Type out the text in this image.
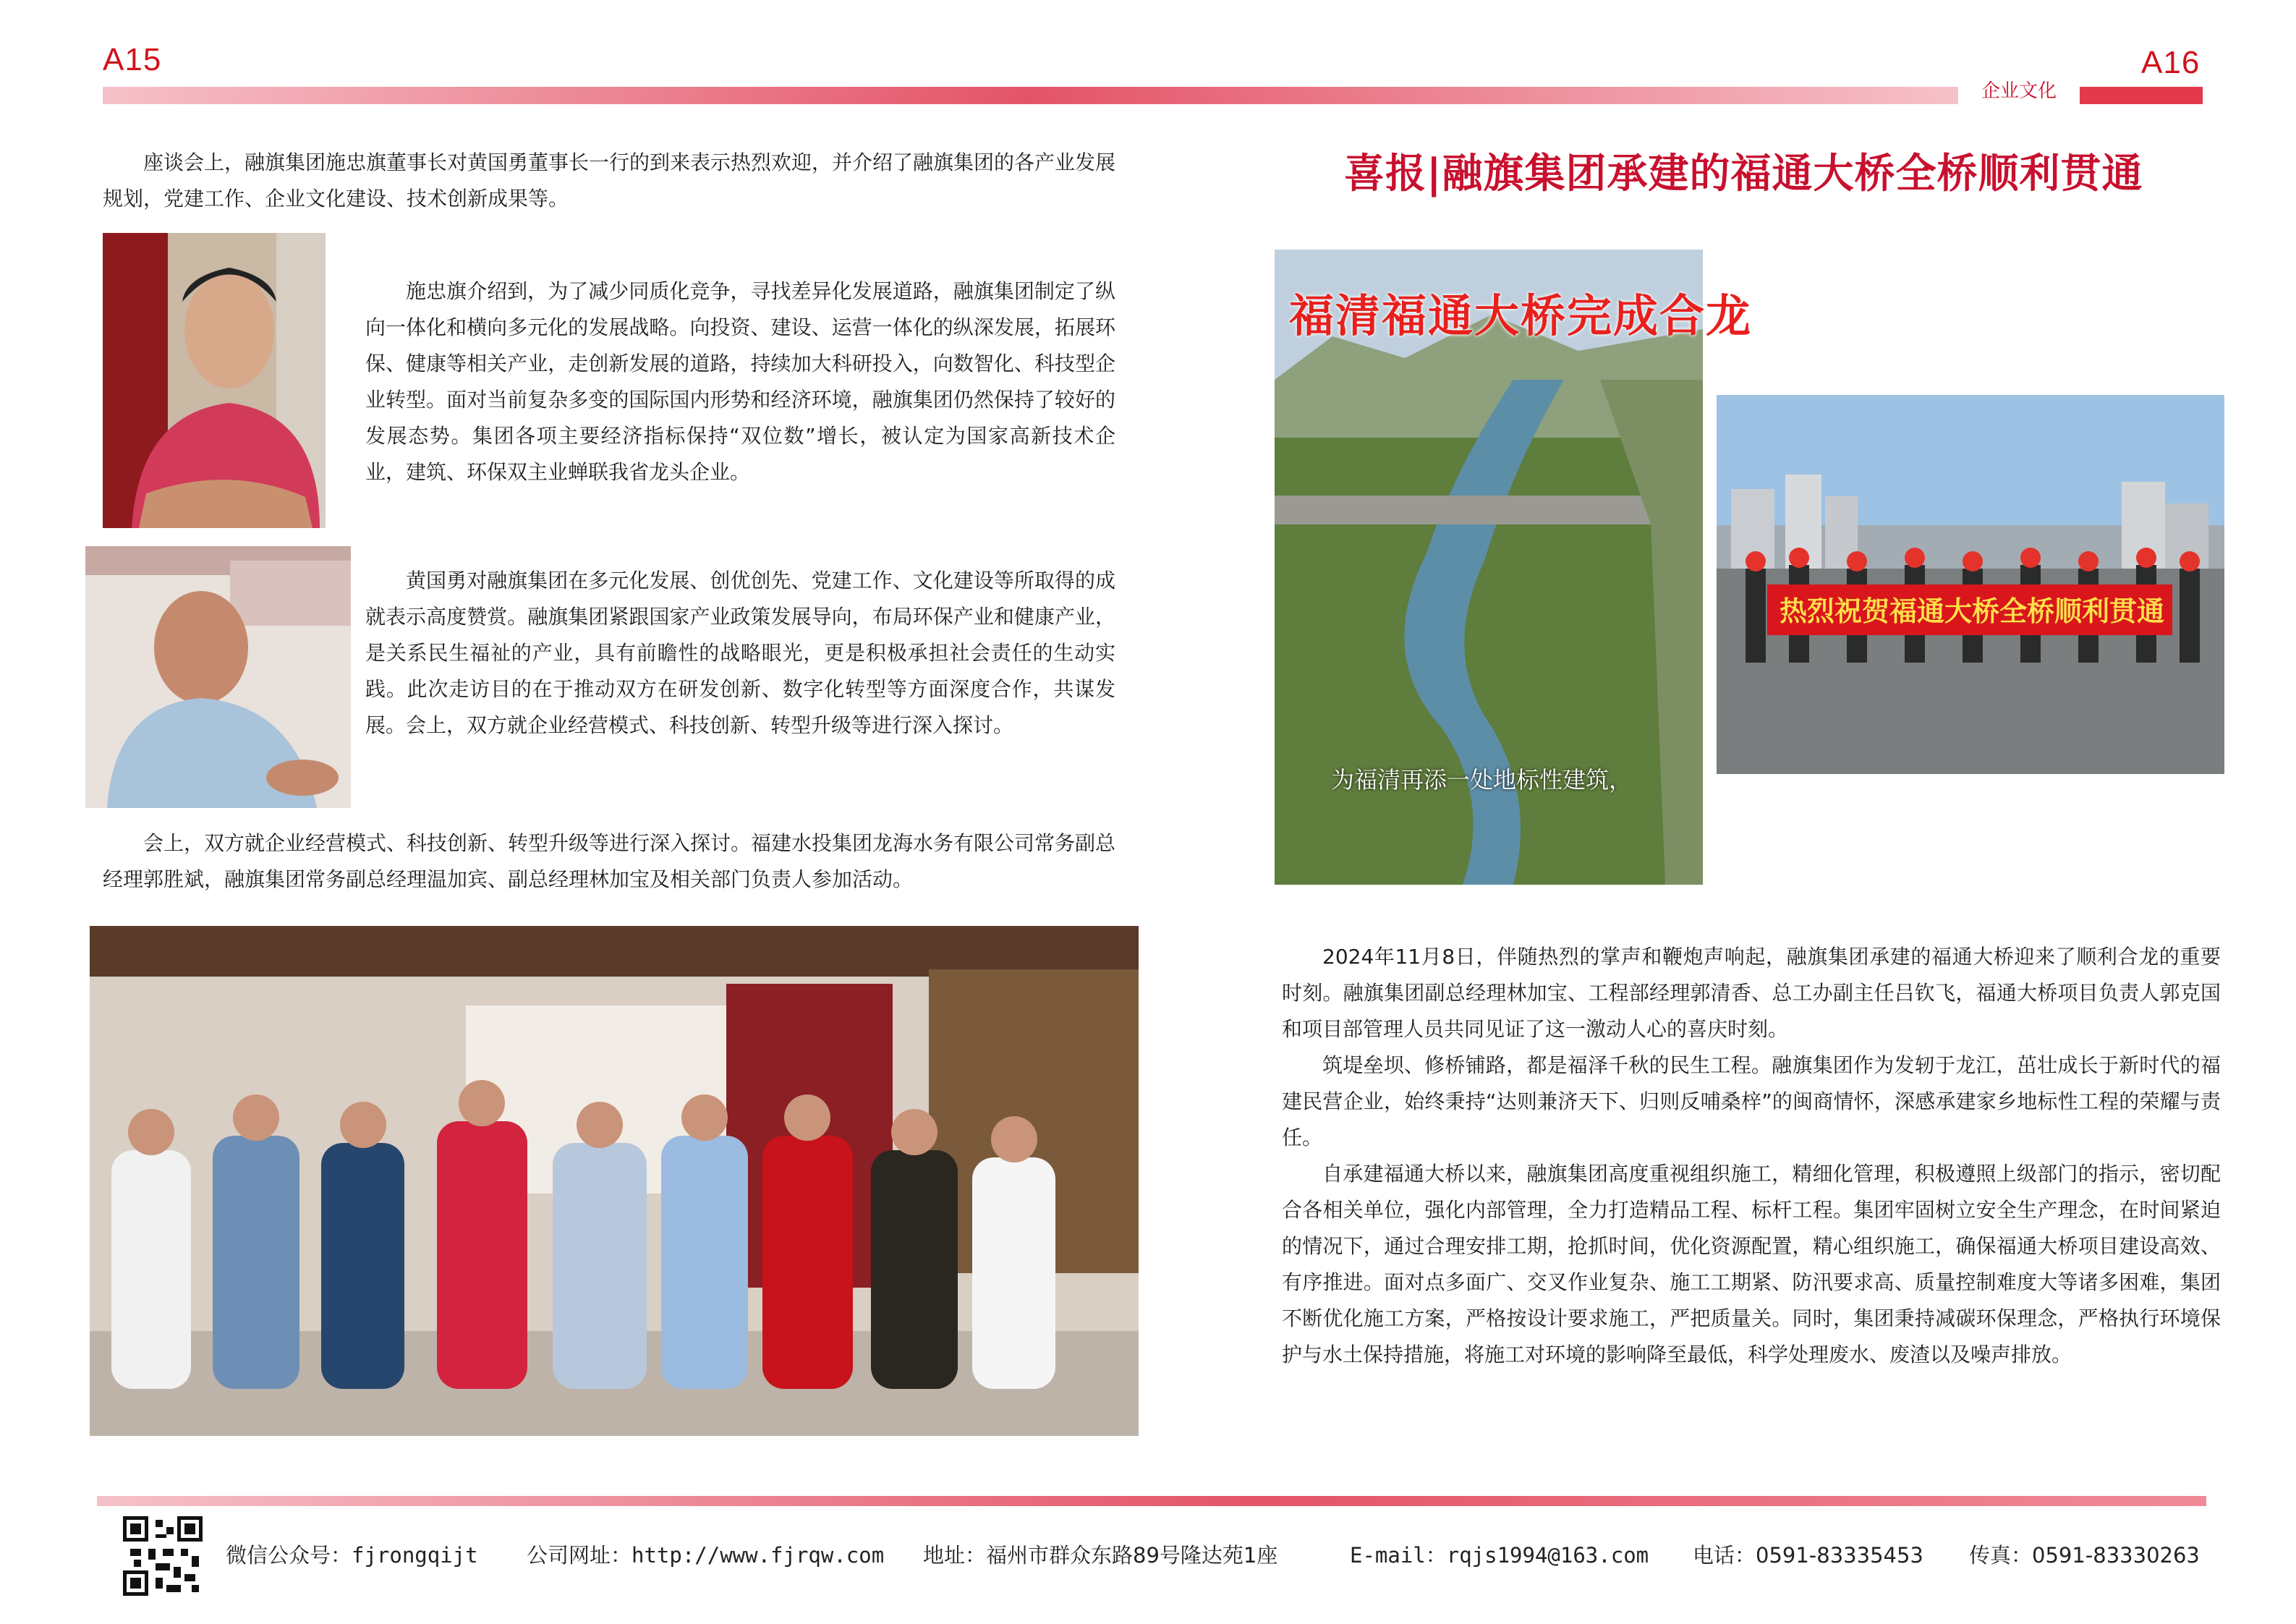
A15	A16
企业文化

座谈会上，融旗集团施忠旗董事长对黄国勇董事长一行的到来表示热烈欢迎，并介绍了融旗集团的各产业发展规划，党建工作、企业文化建设、技术创新成果等。

施忠旗介绍到，为了减少同质化竞争，寻找差异化发展道路，融旗集团制定了纵向一体化和横向多元化的发展战略。向投资、建设、运营一体化的纵深发展，拓展环保、健康等相关产业，走创新发展的道路，持续加大科研投入，向数智化、科技型企业转型。面对当前复杂多变的国际国内形势和经济环境，融旗集团仍然保持了较好的发展态势。集团各项主要经济指标保持“双位数”增长，被认定为国家高新技术企业，建筑、环保双主业蝉联我省龙头企业。

黄国勇对融旗集团在多元化发展、创优创先、党建工作、文化建设等所取得的成就表示高度赞赏。融旗集团紧跟国家产业政策发展导向，布局环保产业和健康产业，是关系民生福祉的产业，具有前瞻性的战略眼光，更是积极承担社会责任的生动实践。此次走访目的在于推动双方在研发创新、数字化转型等方面深度合作，共谋发展。会上，双方就企业经营模式、科技创新、转型升级等进行深入探讨。

会上，双方就企业经营模式、科技创新、转型升级等进行深入探讨。福建水投集团龙海水务有限公司常务副总经理郭胜斌，融旗集团常务副总经理温加宾、副总经理林加宝及相关部门负责人参加活动。

喜报|融旗集团承建的福通大桥全桥顺利贯通
福清福通大桥完成合龙
为福清再添一处地标性建筑，
热烈祝贺福通大桥全桥顺利贯通

2024年11月8日，伴随热烈的掌声和鞭炮声响起，融旗集团承建的福通大桥迎来了顺利合龙的重要时刻。融旗集团副总经理林加宝、工程部经理郭清香、总工办副主任吕钦飞，福通大桥项目负责人郭克国和项目部管理人员共同见证了这一激动人心的喜庆时刻。

筑堤垒坝、修桥铺路，都是福泽千秋的民生工程。融旗集团作为发轫于龙江，茁壮成长于新时代的福建民营企业，始终秉持“达则兼济天下、归则反哺桑梓”的闽商情怀，深感承建家乡地标性工程的荣耀与责任。

自承建福通大桥以来，融旗集团高度重视组织施工，精细化管理，积极遵照上级部门的指示，密切配合各相关单位，强化内部管理，全力打造精品工程、标杆工程。集团牢固树立安全生产理念，在时间紧迫的情况下，通过合理安排工期，抢抓时间，优化资源配置，精心组织施工，确保福通大桥项目建设高效、有序推进。面对点多面广、交叉作业复杂、施工工期紧、防汛要求高、质量控制难度大等诸多困难，集团不断优化施工方案，严格按设计要求施工，严把质量关。同时，集团秉持减碳环保理念，严格执行环境保护与水土保持措施，将施工对环境的影响降至最低，科学处理废水、废渣以及噪声排放。

微信公众号：fjrongqijt 公司网址：http://www.fjrqw.com 地址：福州市群众东路89号隆达苑1座	E-mail：rqjs1994@163.com 电话：0591-83335453 传真：0591-83330263
